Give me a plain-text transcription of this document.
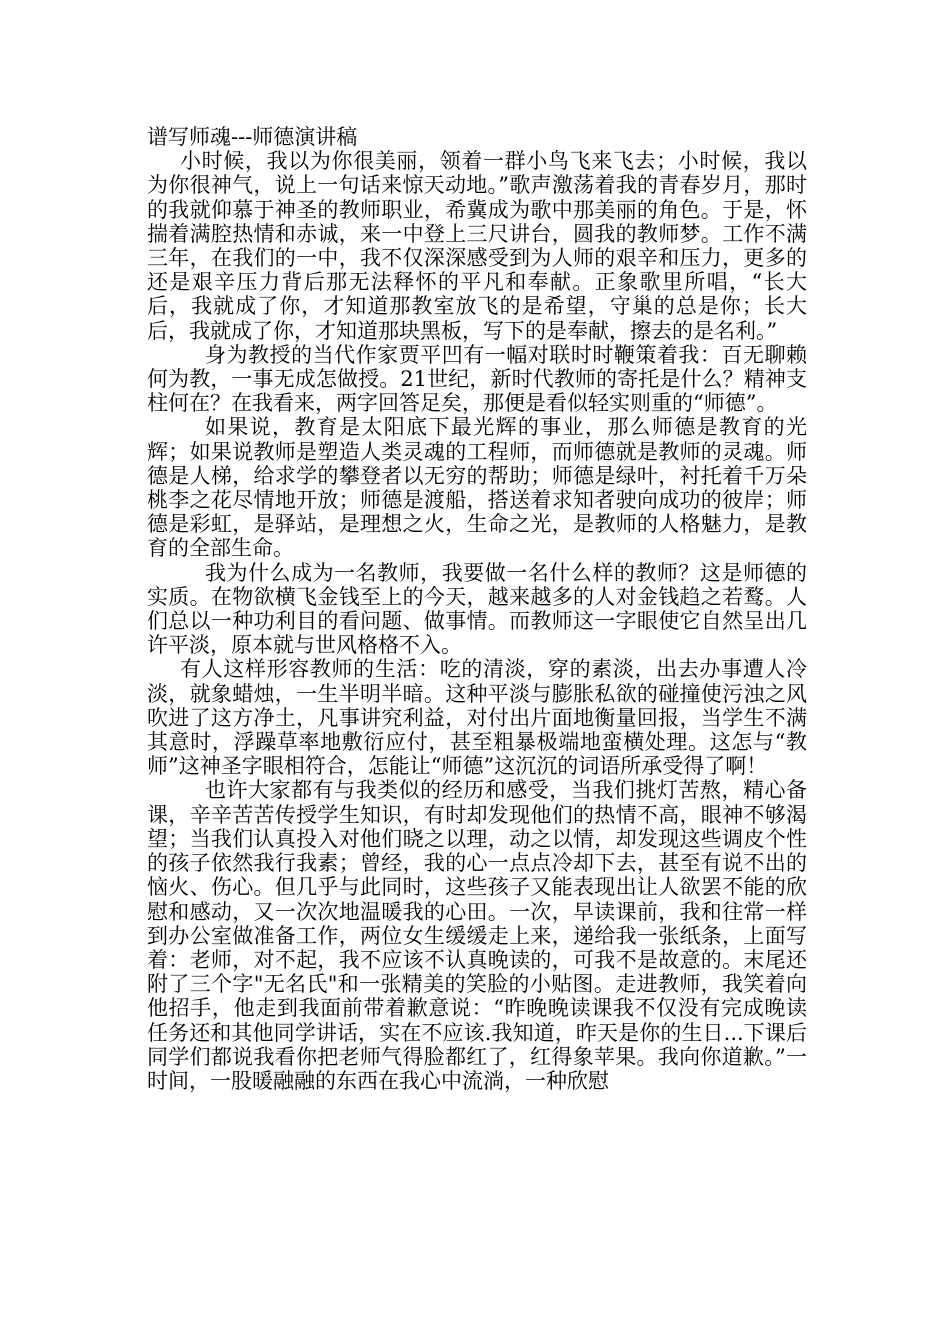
谱写师魂---师德演讲稿

小时候，我以为你很美丽，领着一群小鸟飞来飞去；小时候，我以为你很神气，说上一句话来惊天动地。”歌声激荡着我的青春岁月，那时的我就仰慕于神圣的教师职业，希冀成为歌中那美丽的角色。于是，怀揣着满腔热情和赤诚，来一中登上三尺讲台，圆我的教师梦。工作不满三年，在我们的一中，我不仅深深感受到为人师的艰辛和压力，更多的还是艰辛压力背后那无法释怀的平凡和奉献。正象歌里所唱，“长大后，我就成了你，才知道那教室放飞的是希望，守巢的总是你；长大后，我就成了你，才知道那块黑板，写下的是奉献，擦去的是名利。”

身为教授的当代作家贾平凹有一幅对联时时鞭策着我：百无聊赖何为教，一事无成怎做授。21世纪，新时代教师的寄托是什么？精神支柱何在？在我看来，两字回答足矣，那便是看似轻实则重的“师德”。

如果说，教育是太阳底下最光辉的事业，那么师德是教育的光辉；如果说教师是塑造人类灵魂的工程师，而师德就是教师的灵魂。师德是人梯，给求学的攀登者以无穷的帮助；师德是绿叶，衬托着千万朵桃李之花尽情地开放；师德是渡船，搭送着求知者驶向成功的彼岸；师德是彩虹，是驿站，是理想之火，生命之光，是教师的人格魅力，是教育的全部生命。

我为什么成为一名教师，我要做一名什么样的教师？这是师德的实质。在物欲横飞金钱至上的今天，越来越多的人对金钱趋之若鹜。人们总以一种功利目的看问题、做事情。而教师这一字眼使它自然呈出几许平淡，原本就与世风格格不入。

有人这样形容教师的生活：吃的清淡，穿的素淡，出去办事遭人冷淡，就象蜡烛，一生半明半暗。这种平淡与膨胀私欲的碰撞使污浊之风吹进了这方净土，凡事讲究利益，对付出片面地衡量回报，当学生不满其意时，浮躁草率地敷衍应付，甚至粗暴极端地蛮横处理。这怎与“教师”这神圣字眼相符合，怎能让“师德”这沉沉的词语所承受得了啊！

也许大家都有与我类似的经历和感受，当我们挑灯苦熬，精心备课，辛辛苦苦传授学生知识，有时却发现他们的热情不高，眼神不够渴望；当我们认真投入对他们晓之以理，动之以情，却发现这些调皮个性的孩子依然我行我素；曾经，我的心一点点冷却下去，甚至有说不出的恼火、伤心。但几乎与此同时，这些孩子又能表现出让人欲罢不能的欣慰和感动，又一次次地温暖我的心田。一次，早读课前，我和往常一样到办公室做准备工作，两位女生缓缓走上来，递给我一张纸条，上面写着：老师，对不起，我不应该不认真晚读的，可我不是故意的。末尾还附了三个字"无名氏"和一张精美的笑脸的小贴图。走进教师，我笑着向他招手，他走到我面前带着歉意说：“昨晚晚读课我不仅没有完成晚读任务还和其他同学讲话，实在不应该.我知道，昨天是你的生日...下课后同学们都说我看你把老师气得脸都红了，红得象苹果。我向你道歉。”一时间，一股暖融融的东西在我心中流淌，一种欣慰
